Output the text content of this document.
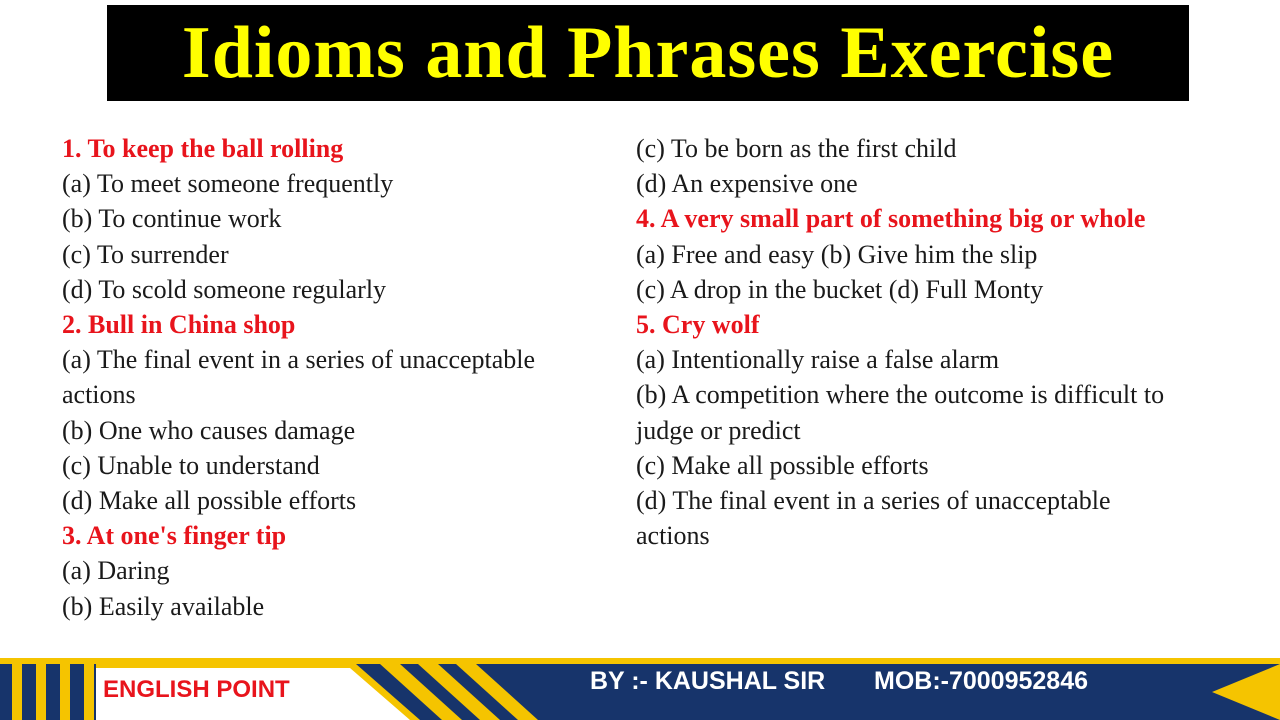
Idioms and Phrases Exercise
1. To keep the ball rolling
(a) To meet someone frequently
(b) To continue work
(c) To surrender
(d) To scold someone regularly
2. Bull in China shop
(a) The final event in a series of unacceptable actions
(b) One who causes damage
(c) Unable to understand
(d) Make all possible efforts
3. At one's finger tip
(a) Daring
(b) Easily available
(c) To be born as the first child
(d) An expensive one
4. A very small part of something big or whole
(a) Free and easy (b) Give him the slip
(c) A drop in the bucket (d) Full Monty
5. Cry wolf
(a) Intentionally raise a false alarm
(b) A competition where the outcome is difficult to judge or predict
(c) Make all possible efforts
(d) The final event in a series of unacceptable actions
ENGLISH POINT	BY :- KAUSHAL SIR MOB:-7000952846
